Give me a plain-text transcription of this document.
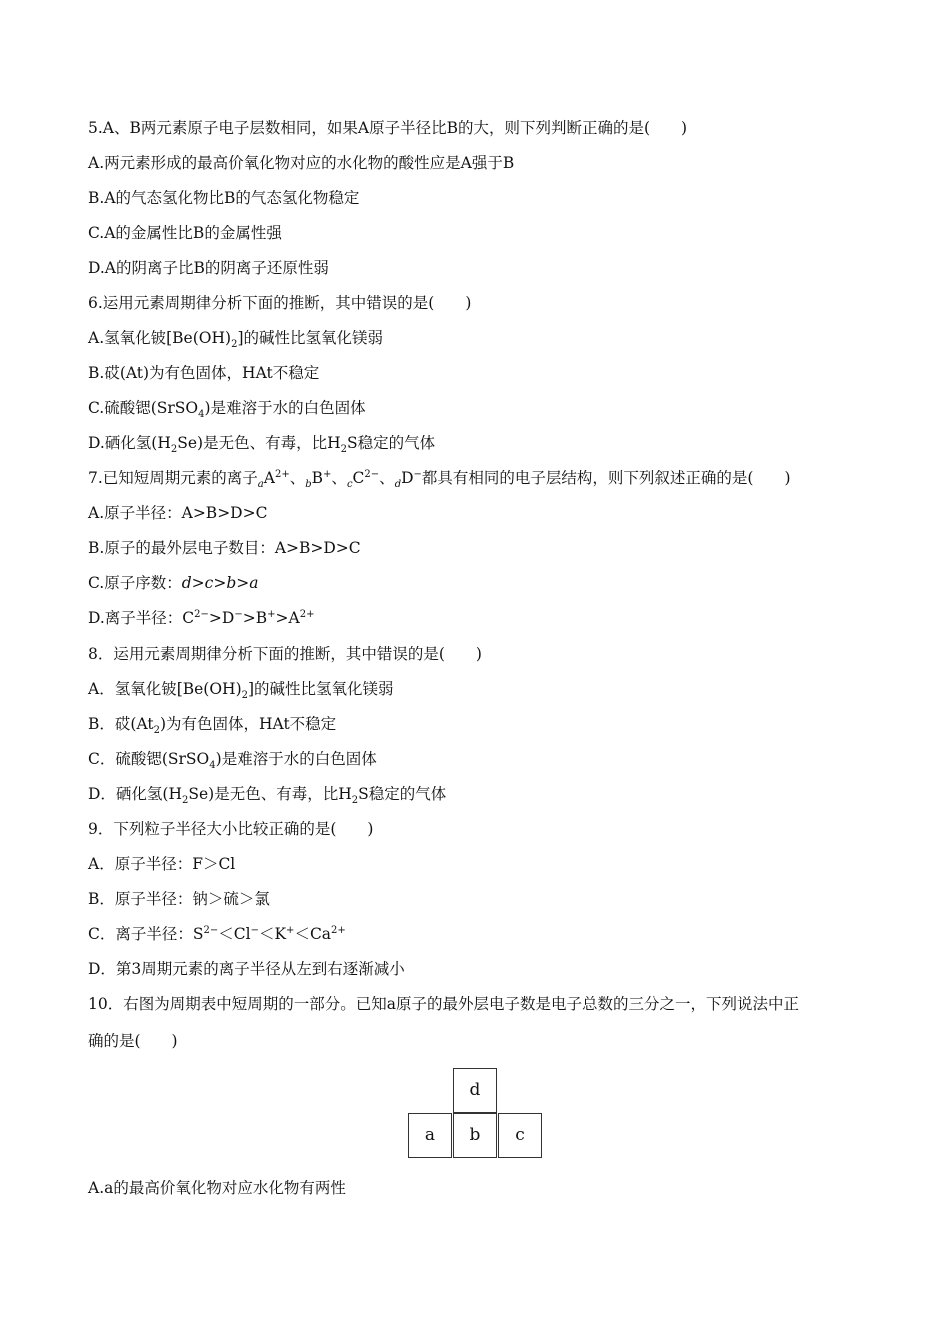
5.A、B两元素原子电子层数相同，如果A原子半径比B的大，则下列判断正确的是(　　)
A.两元素形成的最高价氧化物对应的水化物的酸性应是A强于B
B.A的气态氢化物比B的气态氢化物稳定
C.A的金属性比B的金属性强
D.A的阴离子比B的阴离子还原性弱
6.运用元素周期律分析下面的推断，其中错误的是(　　)
A.氢氧化铍$[Be(OH)_2]$的碱性比氢氧化镁弱
B.砹(At)为有色固体，HAt不稳定
C.硫酸锶(SrSO$_4$)是难溶于水的白色固体
D.硒化氢$(H_2Se)$是无色、有毒，比$H_2S$稳定的气体
7.已知短周期元素的离子$_aA^{2+}$、$_b$B+、$_cC^{2-}$、$_d$D−都具有相同的电子层结构，则下列叙述正确的是(　　)
A.原子半径：A>B>D>C
B.原子的最外层电子数目：A>B>D>C
C.原子序数：d>c>b>a
D.离子半径：$C^{2-}>D^->B^+>A^{2+}$
8．运用元素周期律分析下面的推断，其中错误的是(　　)
A．氢氧化铍$[Be(OH)_2]$的碱性比氢氧化镁弱
B．砹$(At_2)$为有色固体，HAt不稳定
C．硫酸锶(SrSO$_4$)是难溶于水的白色固体
D．硒化氢$(H_2Se)$是无色、有毒，比$H_2S$稳定的气体
9．下列粒子半径大小比较正确的是(　　)
A．原子半径：F＞Cl
B．原子半径：钠＞硫＞氯
C．离子半径：$S^{2-}<Cl^-<K^+<Ca^{2+}$
D．第3周期元素的离子半径从左到右逐渐减小
10．右图为周期表中短周期的一部分。已知a原子的最外层电子数是电子总数的三分之一，下列说法中正
确的是(　　)
d
a	b	c
A.a的最高价氧化物对应水化物有两性
